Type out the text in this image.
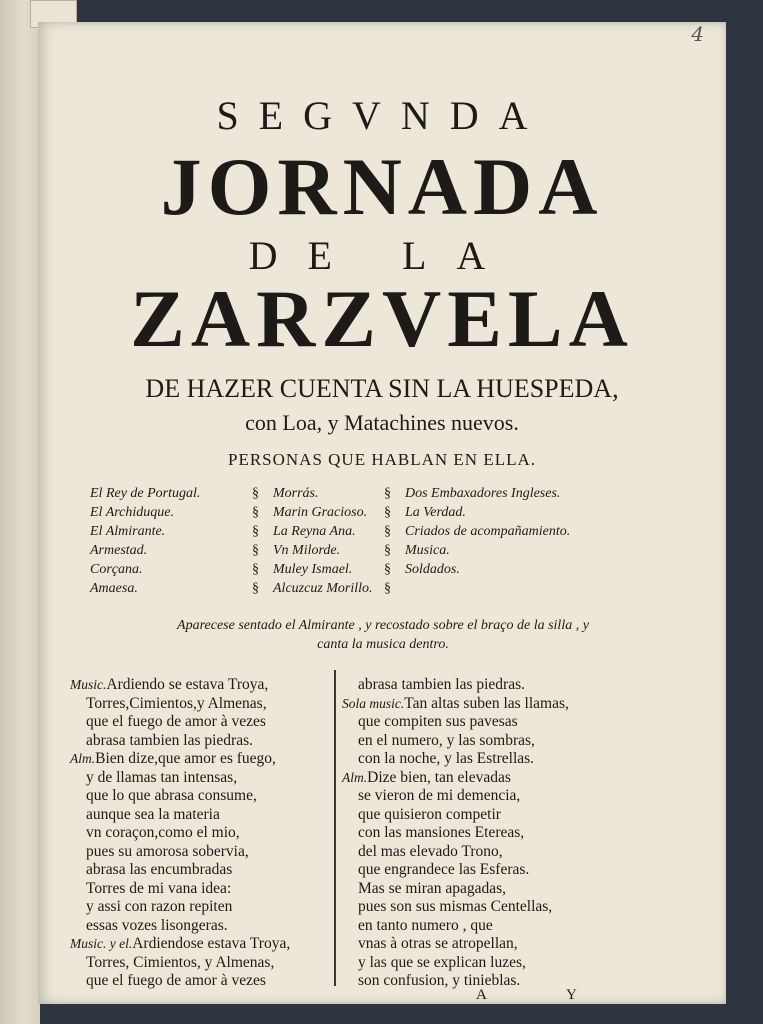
4
SEGVNDA
JORNADA
DE LA
ZARZVELA
DE HAZER CUENTA SIN LA HUESPEDA,
con Loa, y Matachines nuevos.
PERSONAS QUE HABLAN EN ELLA.
El Rey de Portugal.
El Archiduque.
El Almirante.
Armestad.
Corçana.
Amaesa.
§ Morrás.
§ Marin Gracioso.
§ La Reyna Ana.
§ Vn Milorde.
§ Muley Ismael.
§ Alcuzcuz Morillo.
§ Dos Embaxadores Ingleses.
§ La Verdad.
§ Criados de acompañamiento.
§ Musica.
§ Soldados.
§
Aparecese sentado el Almirante , y recostado sobre el braço de la silla , y
canta la musica dentro.
Music.Ardiendo se estava Troya,
Torres,Cimientos,y Almenas,
que el fuego de amor à vezes
abrasa tambien las piedras.
Alm.Bien dize,que amor es fuego,
y de llamas tan intensas,
que lo que abrasa consume,
aunque sea la materia
vn coraçon,como el mio,
pues su amorosa sobervia,
abrasa las encumbradas
Torres de mi vana idea:
y assi con razon repiten
essas vozes lisongeras.
Music. y el.Ardiendose estava Troya,
Torres, Cimientos, y Almenas,
que el fuego de amor à vezes
abrasa tambien las piedras.
Sola music.Tan altas suben las llamas,
que compiten sus pavesas
en el numero, y las sombras,
con la noche, y las Estrellas.
Alm.Dize bien, tan elevadas
se vieron de mi demencia,
que quisieron competir
con las mansiones Etereas,
del mas elevado Trono,
que engrandece las Esferas.
Mas se miran apagadas,
pues son sus mismas Centellas,
en tanto numero , que
vnas à otras se atropellan,
y las que se explican luzes,
son confusion, y tinieblas.
A	Y
